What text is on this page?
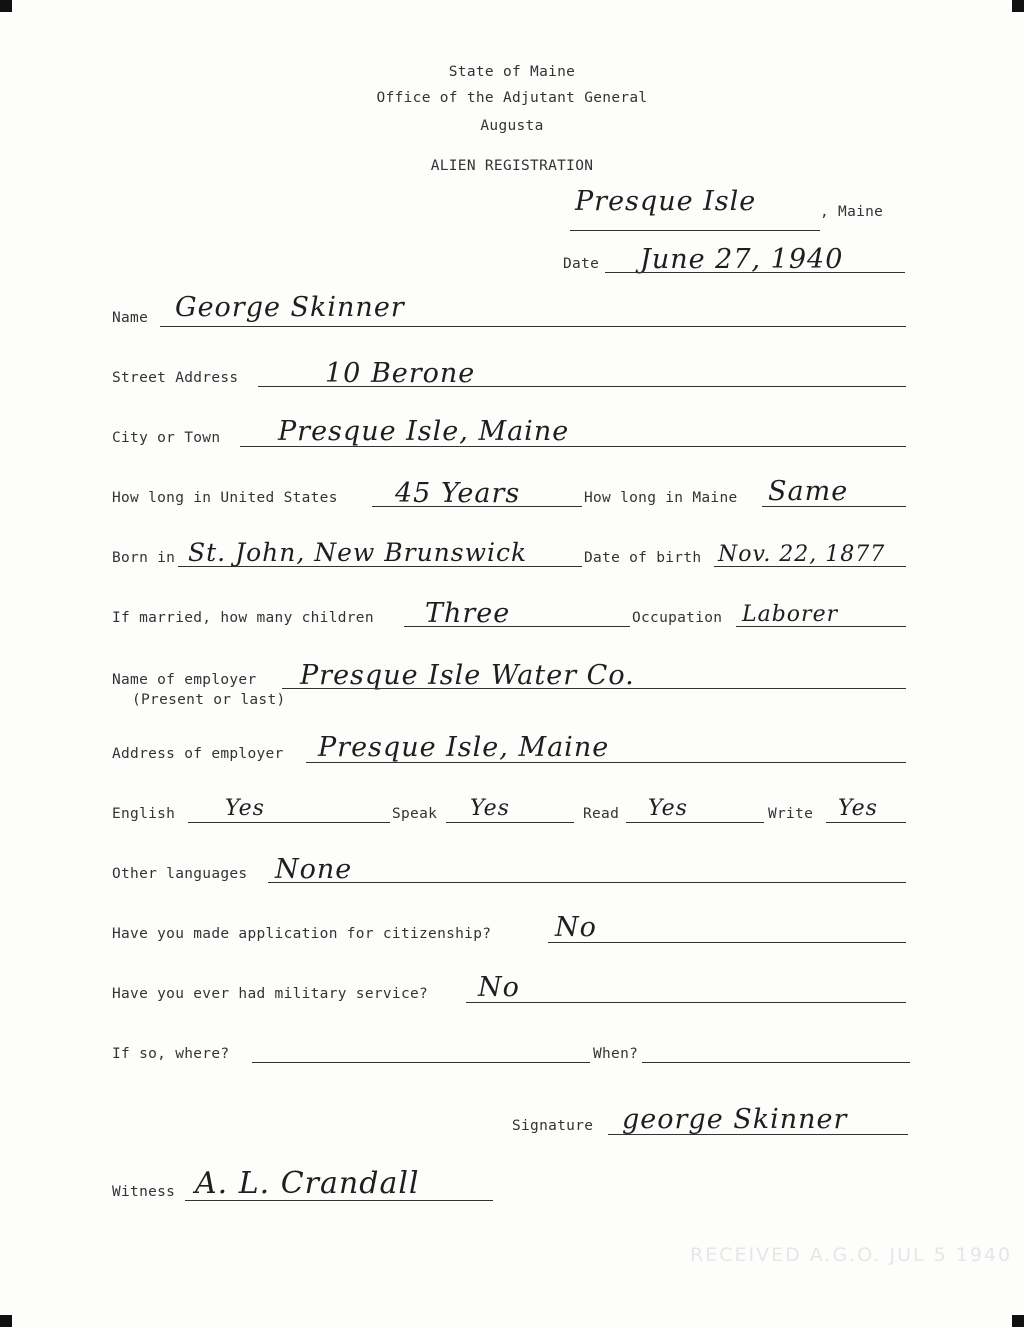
State of Maine
Office of the Adjutant General
Augusta
ALIEN REGISTRATION
Presque Isle	, Maine
Date June 27, 1940
Name George Skinner
Street Address	10 Berone
City or Town Presque Isle, Maine
How long in United States 45 Years	How long in Maine Same
Born in St. John, New Brunswick	Date of birth Nov. 22, 1877
If married, how many children Three	Occupation Laborer
Name of employer
(Present or last)
Presque Isle Water Co.
Address of employer Presque Isle, Maine
English Yes	Speak Yes	Read Yes	Write Yes
Other languages None
Have you made application for citizenship? No
Have you ever had military service? No
If so, where?	When?
Signature george Skinner
Witness A. L. Crandall
RECEIVED A.G.O. JUL 5 1940
